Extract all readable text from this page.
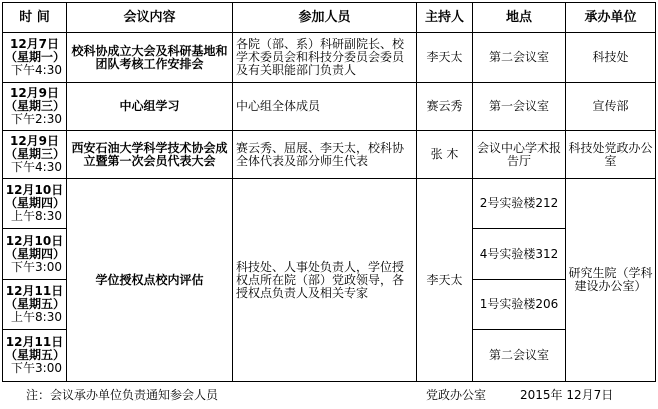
时 间	会议内容	参加人员	主持人	地点	承办单位

12月7日
（星期一）
下午4:30	校科协成立大会及科研基地和团队考核工作安排会	各院（部、系）科研副院长、校学术委员会和科技分委员会委员及有关职能部门负责人	李天太	第二会议室	科技处

12月9日
（星期三）
下午2:30	中心组学习	中心组全体成员	赛云秀	第一会议室	宣传部

12月9日
（星期三）
下午4:30	西安石油大学科学技术协会成立暨第一次会员代表大会	赛云秀、屈展、李天太，校科协全体代表及部分师生代表	张 木	会议中心学术报告厅	科技处党政办公室

12月10日
（星期四）
上午8:30	学位授权点校内评估	科技处、人事处负责人，学位授权点所在院（部）党政领导，各授权点负责人及相关专家	李天太	2号实验楼212	研究生院（学科建设办公室）

12月10日
（星期四）
下午3:00				4号实验楼312	

12月11日
（星期五）
上午8:30				1号实验楼206	

12月11日
（星期五）
下午3:00				第二会议室	
注：会议承办单位负责通知参会人员	党政办公室	2015年 12月7日
